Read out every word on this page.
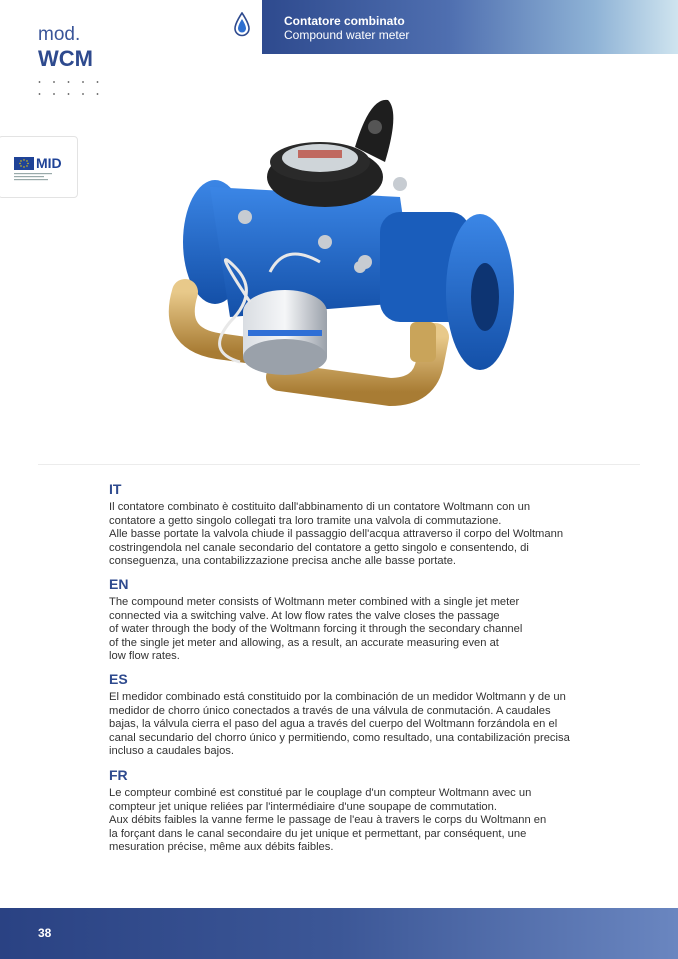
Contatore combinato
Compound water meter
mod.
WCM
MID
IT

Il contatore combinato è costituito dall'abbinamento di un contatore Woltmann con un
contatore a getto singolo collegati tra loro tramite una valvola di commutazione.
Alle basse portate la valvola chiude il passaggio dell'acqua attraverso il corpo del Woltmann
costringendola nel canale secondario del contatore a getto singolo e consentendo, di
conseguenza, una contabilizzazione precisa anche alle basse portate.

EN

The compound meter consists of Woltmann meter combined with a single jet meter
connected via a switching valve. At low flow rates the valve closes the passage
of water through the body of the Woltmann forcing it through the secondary channel
of the single jet meter and allowing, as a result, an accurate measuring even at
low flow rates.

ES

El medidor combinado está constituido por la combinación de un medidor Woltmann y de un
medidor de chorro único conectados a través de una válvula de conmutación. A caudales
bajas, la válvula cierra el paso del agua a través del cuerpo del Woltmann forzándola en el
canal secundario del chorro único y permitiendo, como resultado, una contabilización precisa
incluso a caudales bajos.

FR

Le compteur combiné est constitué par le couplage d'un compteur Woltmann avec un
compteur jet unique reliées par l'intermédiaire d'une soupape de commutation.
Aux débits faibles la vanne ferme le passage de l'eau à travers le corps du Woltmann en
la forçant dans le canal secondaire du jet unique et permettant, par conséquent, une
mesuration précise, même aux débits faibles.

38
